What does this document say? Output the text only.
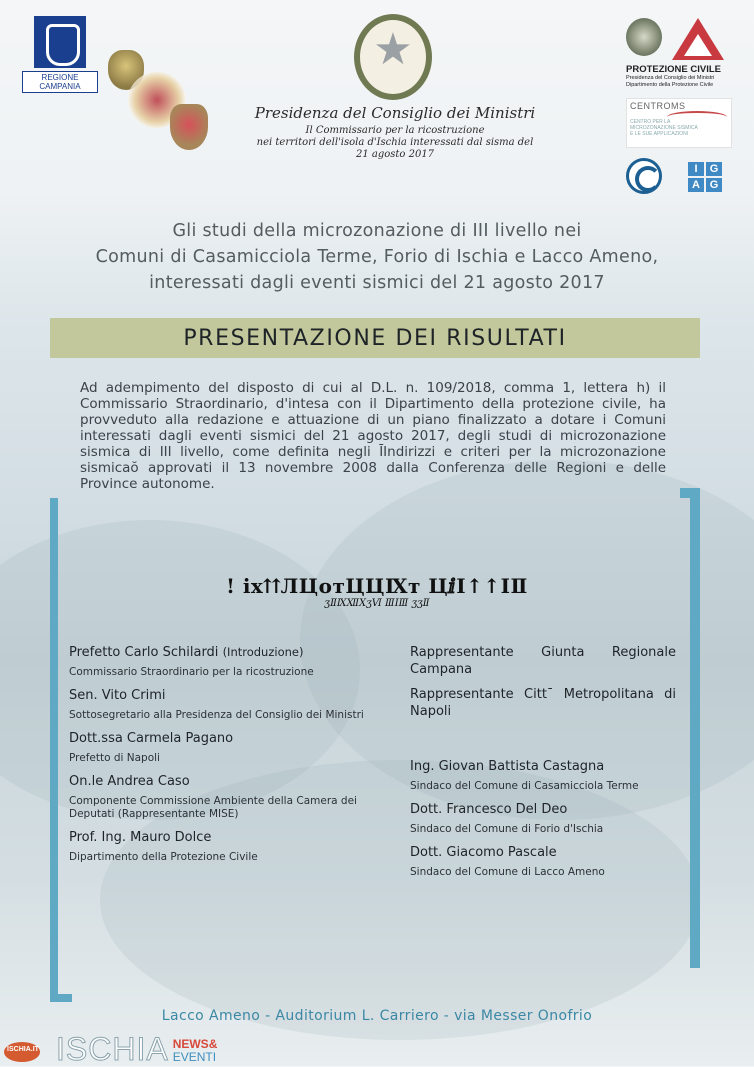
REGIONE CAMPANIA
★
Presidenza del Consiglio dei Ministri
Il Commissario per la ricostruzione
nei territori dell'isola d'Ischia interessati dal sisma del
21 agosto 2017
PROTEZIONE CIVILE
Presidenza del Consiglio dei Ministri
Dipartimento della Protezione Civile
CENTROMS
CENTRO PER LA
MICROZONAZIONE SISMICA
E LE SUE APPLICAZIONI
I	G
A G
Gli studi della microzonazione di III livello nei
Comuni di Casamicciola Terme, Forio di Ischia e Lacco Ameno,
interessati dagli eventi sismici del 21 agosto 2017
PRESENTAZIONE DEI RISULTATI
Ad adempimento del disposto di cui al D.L. n. 109/2018, comma 1, lettera h) il Commissario Straordinario, d'intesa con il Dipartimento della protezione civile, ha provveduto alla redazione e attuazione di un piano finalizzato a dotare i Comuni interessati dagli eventi sismici del 21 agosto 2017, degli studi di microzonazione sismica di III livello, come definita negli ĪIndirizzi e criteri per la microzonazione sismicaŏ approvati il 13 novembre 2008 dalla Conferenza delle Regioni e delle Province autonome.
! ix⇈ЛЦoтЦЦⅨт ЦⅈⅠ↑↑ⅠⅡ
ʒⅡⅨⅫⅩʒⅥ ⅢⅠⅢ ʒʒⅡ
Prefetto Carlo Schilardi (Introduzione)
Commissario Straordinario per la ricostruzione
Sen. Vito Crimi
Sottosegretario alla Presidenza del Consiglio dei Ministri
Dott.ssa Carmela Pagano
Prefetto di Napoli
On.le Andrea Caso
Componente Commissione Ambiente della Camera dei Deputati (Rappresentante MISE)
Prof. Ing. Mauro Dolce
Dipartimento della Protezione Civile
Rappresentante Giunta Regionale Campana
Rappresentante Citt¯ Metropolitana di Napoli
Ing. Giovan Battista Castagna
Sindaco del Comune di Casamicciola Terme
Dott. Francesco Del Deo
Sindaco del Comune di Forio d'Ischia
Dott. Giacomo Pascale
Sindaco del Comune di Lacco Ameno
Lacco Ameno - Auditorium L. Carriero - via Messer Onofrio
ISCHIA.IT ISCHIA NEWS&
EVENTI
